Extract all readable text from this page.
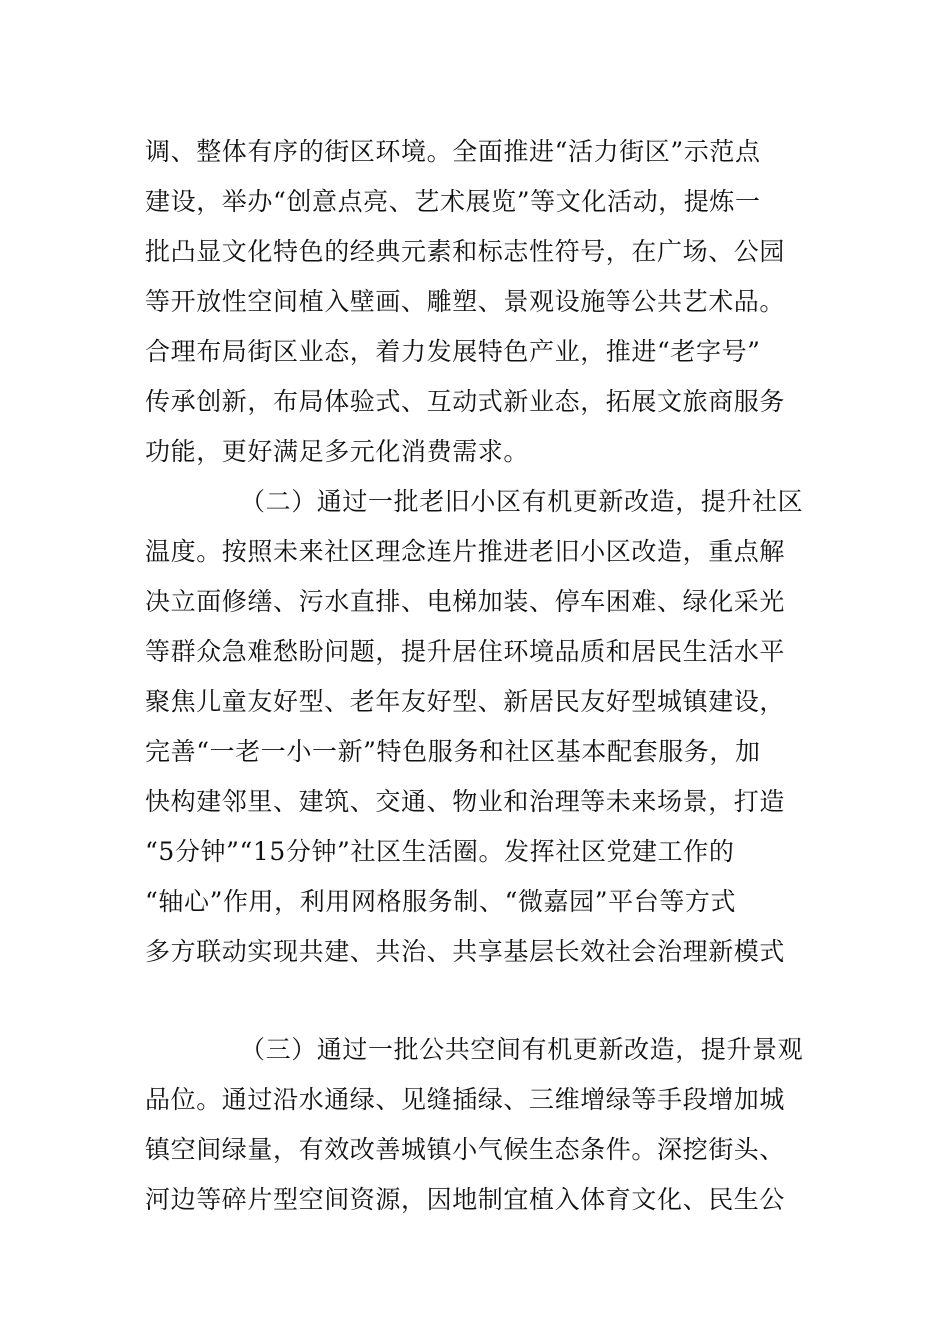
调、整体有序的街区环境。全面推进“活力街区”示范点
建设，举办“创意点亮、艺术展览”等文化活动，提炼一
批凸显文化特色的经典元素和标志性符号，在广场、公园
等开放性空间植入壁画、雕塑、景观设施等公共艺术品。
合理布局街区业态，着力发展特色产业，推进“老字号”
传承创新，布局体验式、互动式新业态，拓展文旅商服务
功能，更好满足多元化消费需求。
（二）通过一批老旧小区有机更新改造，提升社区
温度。按照未来社区理念连片推进老旧小区改造，重点解
决立面修缮、污水直排、电梯加装、停车困难、绿化采光
等群众急难愁盼问题，提升居住环境品质和居民生活水平
聚焦儿童友好型、老年友好型、新居民友好型城镇建设，
完善“一老一小一新”特色服务和社区基本配套服务，加
快构建邻里、建筑、交通、物业和治理等未来场景，打造
“5分钟”“15分钟”社区生活圈。发挥社区党建工作的
“轴心”作用，利用网格服务制、“微嘉园”平台等方式
多方联动实现共建、共治、共享基层长效社会治理新模式
（三）通过一批公共空间有机更新改造，提升景观
品位。通过沿水通绿、见缝插绿、三维增绿等手段增加城
镇空间绿量，有效改善城镇小气候生态条件。深挖街头、
河边等碎片型空间资源，因地制宜植入体育文化、民生公
